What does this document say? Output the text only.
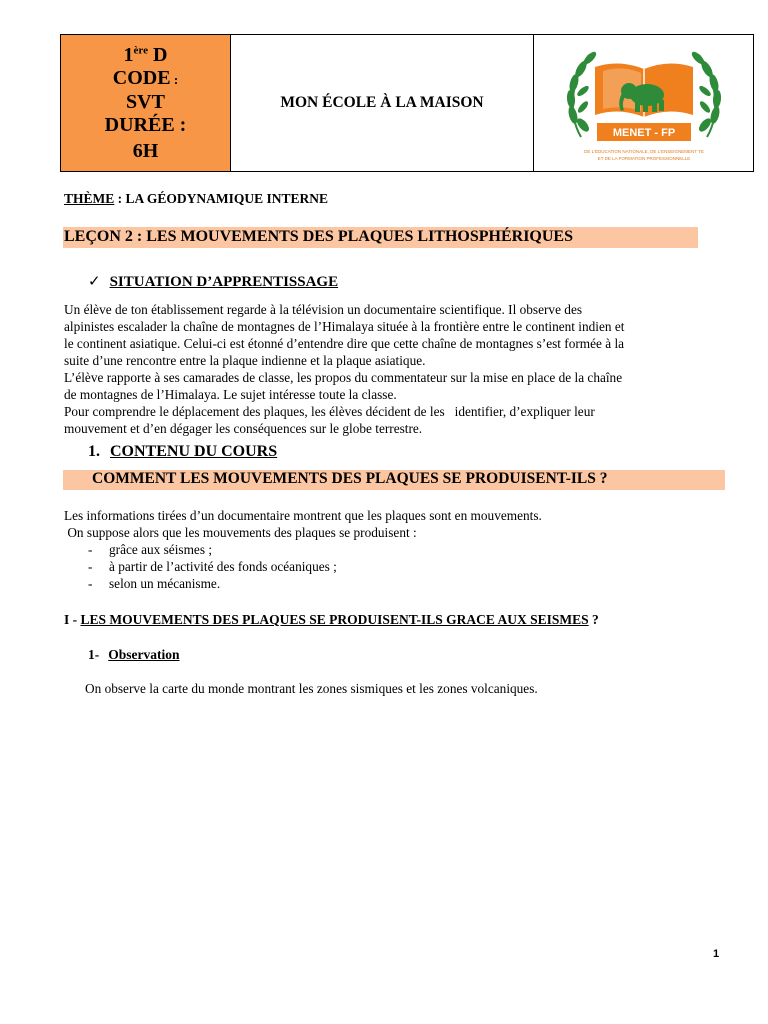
1ère D
CODE :
SVT
DURÉE :
6H
MON ÉCOLE À LA MAISON
MENET - FP
DE L'ÉDUCATION NATIONALE, DE L'ENSEIGNEMENT TE
ET DE LA FORMATION PROFESSIONNELLE
THÈME : LA GÉODYNAMIQUE INTERNE
LEÇON 2 : LES MOUVEMENTS DES PLAQUES LITHOSPHÉRIQUES
✓ SITUATION D’APPRENTISSAGE

Un élève de ton établissement regarde à la télévision un documentaire scientifique. Il observe des

alpinistes escalader la chaîne de montagnes de l’Himalaya située à la frontière entre le continent indien et

le continent asiatique. Celui-ci est étonné d’entendre dire que cette chaîne de montagnes s’est formée à la

suite d’une rencontre entre la plaque indienne et la plaque asiatique.

L’élève rapporte à ses camarades de classe, les propos du commentateur sur la mise en place de la chaîne

de montagnes de l’Himalaya. Le sujet intéresse toute la classe.

Pour comprendre le déplacement des plaques, les élèves décident de les   identifier, d’expliquer leur

mouvement et d’en dégager les conséquences sur le globe terrestre.

1. CONTENU DU COURS
COMMENT LES MOUVEMENTS DES PLAQUES SE PRODUISENT-ILS ?

Les informations tirées d’un documentaire montrent que les plaques sont en mouvements.

On suppose alors que les mouvements des plaques se produisent :

- grâce aux séismes ;
- à partir de l’activité des fonds océaniques ;
- selon un mécanisme.
I - LES MOUVEMENTS DES PLAQUES SE PRODUISENT-ILS GRACE AUX SEISMES ?
1- Observation
On observe la carte du monde montrant les zones sismiques et les zones volcaniques.
1
